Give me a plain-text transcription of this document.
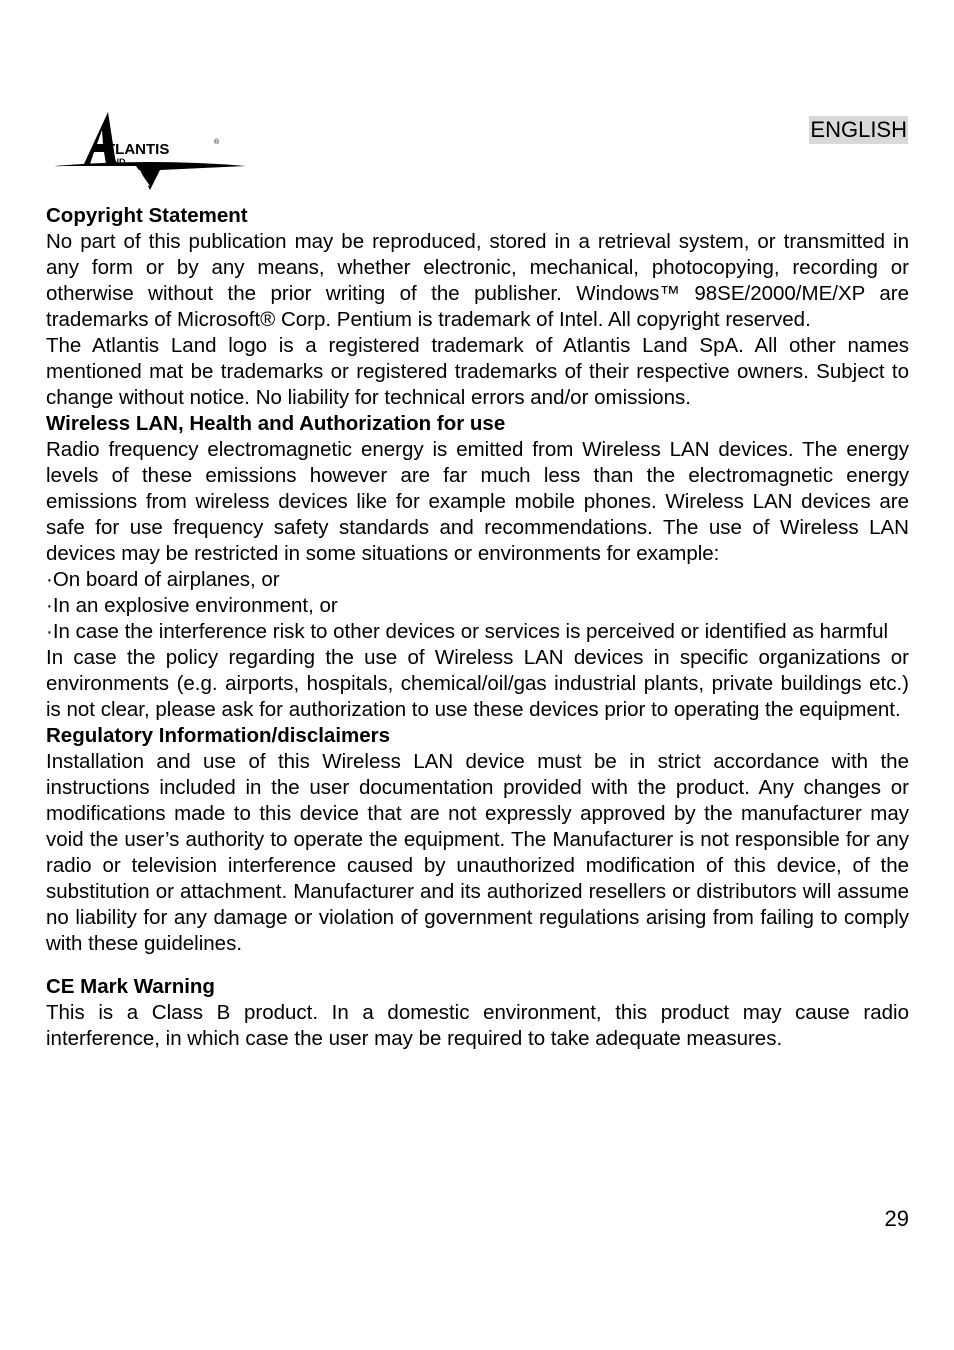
ENGLISH
TLANTIS
AND
®
Copyright Statement

No part of this publication may be reproduced, stored in a retrieval system, or transmitted in any form or by any means, whether electronic, mechanical, photocopying, recording or otherwise without the prior writing of the publisher. Windows™ 98SE/2000/ME/XP are trademarks of Microsoft® Corp. Pentium is trademark of Intel. All copyright reserved.

The Atlantis Land logo is a registered trademark of Atlantis Land SpA. All other names mentioned mat be trademarks or registered trademarks of their respective owners. Subject to change without notice. No liability for technical errors and/or omissions.

Wireless LAN, Health and Authorization for use

Radio frequency electromagnetic energy is emitted from Wireless LAN devices. The energy levels of these emissions however are far much less than the electromagnetic energy emissions from wireless devices like for example mobile phones. Wireless LAN devices are safe for use frequency safety standards and recommendations. The use of Wireless LAN devices may be restricted in some situations or environments for example:

·On board of airplanes, or

·In an explosive environment, or

·In case the interference risk to other devices or services is perceived or identified as harmful

In case the policy regarding the use of Wireless LAN devices in specific organizations or environments (e.g. airports, hospitals, chemical/oil/gas industrial plants, private buildings etc.) is not clear, please ask for authorization to use these devices prior to operating the equipment.

Regulatory Information/disclaimers

Installation and use of this Wireless LAN device must be in strict accordance with the instructions included in the user documentation provided with the product. Any changes or modifications made to this device that are not expressly approved by the manufacturer may void the user’s authority to operate the equipment. The Manufacturer is not responsible for any radio or television interference caused by unauthorized modification of this device, of the substitution or attachment. Manufacturer and its authorized resellers or distributors will assume no liability for any damage or violation of government regulations arising from failing to comply with these guidelines.

CE Mark Warning

This is a Class B product. In a domestic environment, this product may cause radio interference, in which case the user may be required to take adequate measures.

29
